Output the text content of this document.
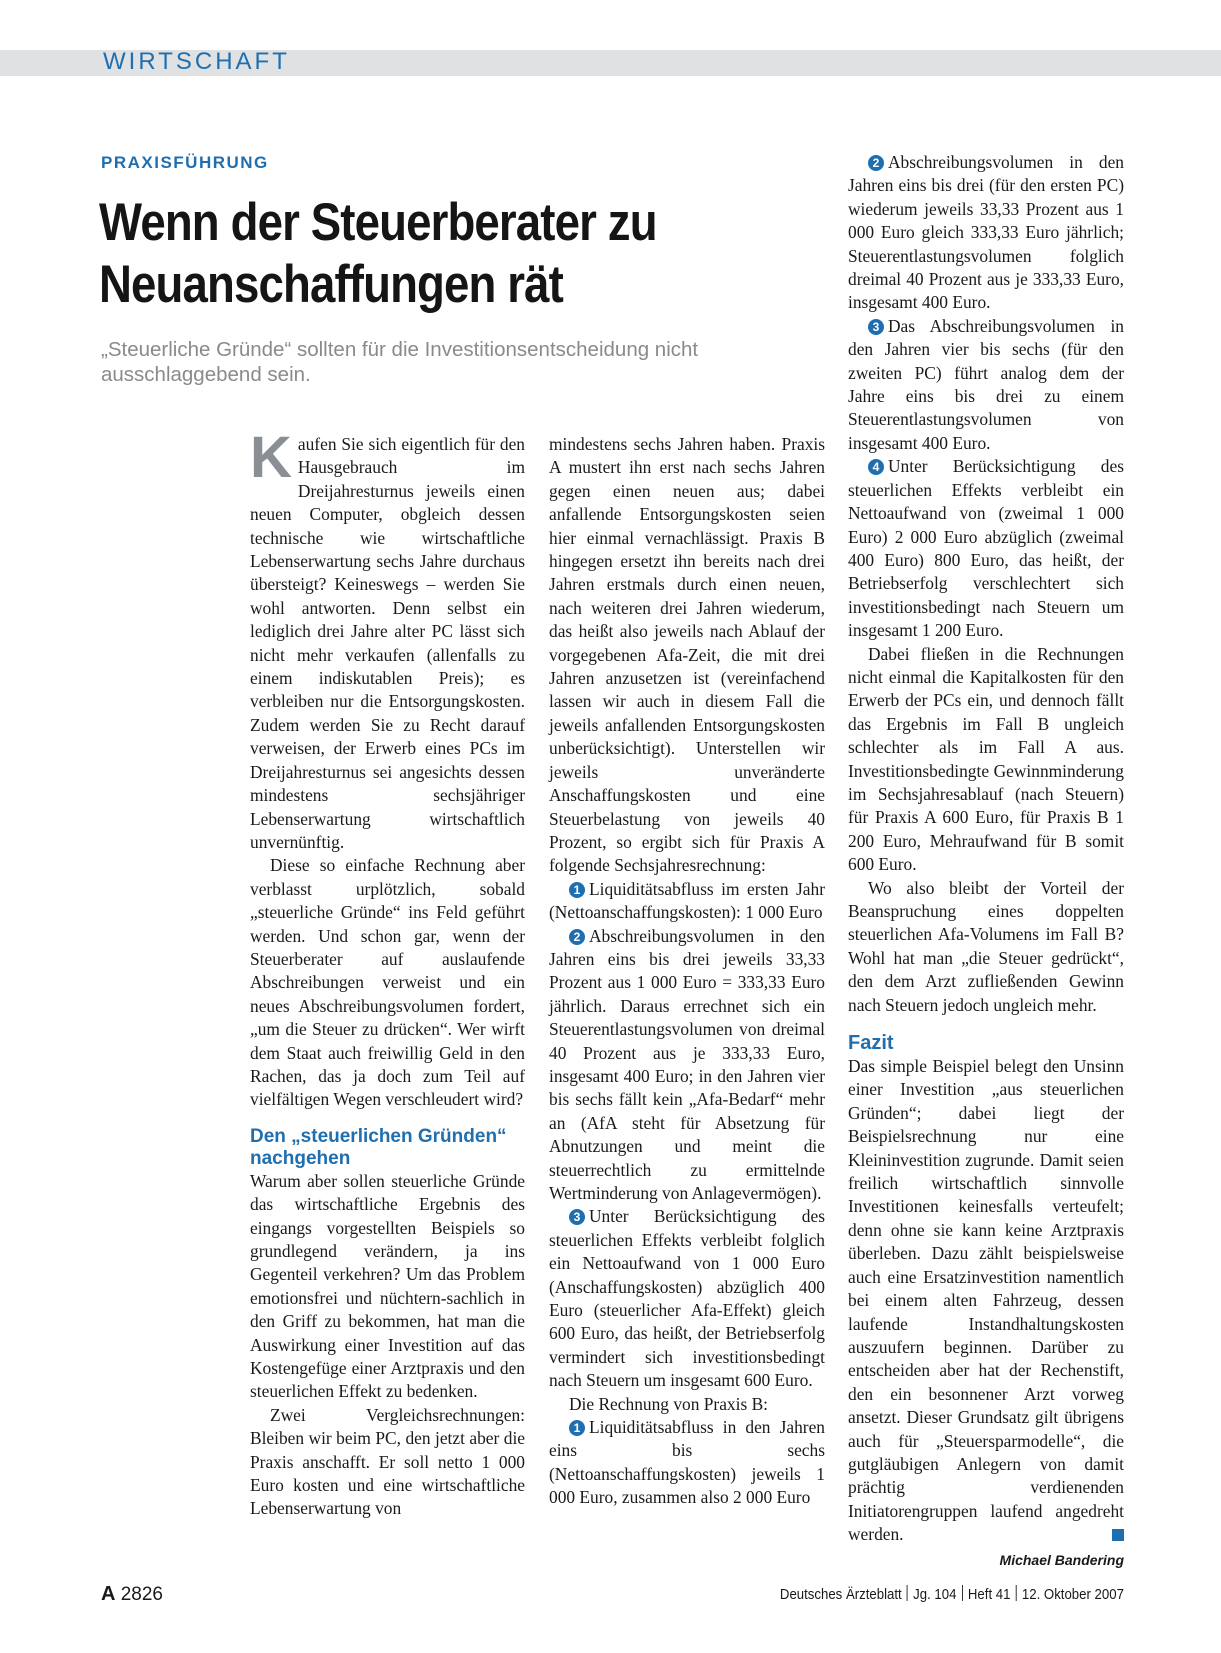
WIRTSCHAFT
PRAXISFÜHRUNG
Wenn der Steuerberater zu
Neuanschaffungen rät
„Steuerliche Gründe“ sollten für die Investitionsentscheidung nicht ausschlaggebend sein.

Kaufen Sie sich eigentlich für den Hausgebrauch im Dreijahresturnus jeweils einen neuen Computer, obgleich dessen technische wie wirtschaftliche Lebenserwartung sechs Jahre durchaus übersteigt? Keineswegs – werden Sie wohl antworten. Denn selbst ein lediglich drei Jahre alter PC lässt sich nicht mehr verkaufen (allenfalls zu einem indiskutablen Preis); es verbleiben nur die Entsorgungskosten. Zudem werden Sie zu Recht darauf verweisen, der Erwerb eines PCs im Dreijahresturnus sei angesichts dessen mindestens sechsjähriger Lebenserwartung wirtschaftlich unvernünftig.

Diese so einfache Rechnung aber verblasst urplötzlich, sobald „steuerliche Gründe“ ins Feld geführt werden. Und schon gar, wenn der Steuerberater auf auslaufende Abschreibungen verweist und ein neues Abschreibungsvolumen fordert, „um die Steuer zu drücken“. Wer wirft dem Staat auch freiwillig Geld in den Rachen, das ja doch zum Teil auf vielfältigen Wegen verschleudert wird?

Den „steuerlichen Gründen“ nachgehen

Warum aber sollen steuerliche Gründe das wirtschaftliche Ergebnis des eingangs vorgestellten Beispiels so grundlegend verändern, ja ins Gegenteil verkehren? Um das Problem emotionsfrei und nüchtern-sachlich in den Griff zu bekommen, hat man die Auswirkung einer Investition auf das Kostengefüge einer Arztpraxis und den steuerlichen Effekt zu bedenken.

Zwei Vergleichsrechnungen: Bleiben wir beim PC, den jetzt aber die Praxis anschafft. Er soll netto 1 000 Euro kosten und eine wirtschaftliche Lebenserwartung von

mindestens sechs Jahren haben. Praxis A mustert ihn erst nach sechs Jahren gegen einen neuen aus; dabei anfallende Entsorgungskosten seien hier einmal vernachlässigt. Praxis B hingegen ersetzt ihn bereits nach drei Jahren erstmals durch einen neuen, nach weiteren drei Jahren wiederum, das heißt also jeweils nach Ablauf der vorgegebenen Afa-Zeit, die mit drei Jahren anzusetzen ist (vereinfachend lassen wir auch in diesem Fall die jeweils anfallenden Entsorgungskosten unberücksichtigt). Unterstellen wir jeweils unveränderte Anschaffungskosten und eine Steuerbelastung von jeweils 40 Prozent, so ergibt sich für Praxis A folgende Sechsjahresrechnung:

1 Liquiditätsabfluss im ersten Jahr (Nettoanschaffungskosten): 1 000 Euro

2 Abschreibungsvolumen in den Jahren eins bis drei jeweils 33,33 Prozent aus 1 000 Euro = 333,33 Euro jährlich. Daraus errechnet sich ein Steuerentlastungsvolumen von dreimal 40 Prozent aus je 333,33 Euro, insgesamt 400 Euro; in den Jahren vier bis sechs fällt kein „Afa-Bedarf“ mehr an (AfA steht für Absetzung für Abnutzungen und meint die steuerrechtlich zu ermittelnde Wertminderung von Anlagevermögen).

3 Unter Berücksichtigung des steuerlichen Effekts verbleibt folglich ein Nettoaufwand von 1 000 Euro (Anschaffungskosten) abzüglich 400 Euro (steuerlicher Afa-Effekt) gleich 600 Euro, das heißt, der Betriebserfolg vermindert sich investitionsbedingt nach Steuern um insgesamt 600 Euro.

Die Rechnung von Praxis B:

1 Liquiditätsabfluss in den Jahren eins bis sechs (Nettoanschaffungskosten) jeweils 1 000 Euro, zusammen also 2 000 Euro

2 Abschreibungsvolumen in den Jahren eins bis drei (für den ersten PC) wiederum jeweils 33,33 Prozent aus 1 000 Euro gleich 333,33 Euro jährlich; Steuerentlastungsvolumen folglich dreimal 40 Prozent aus je 333,33 Euro, insgesamt 400 Euro.

3 Das Abschreibungsvolumen in den Jahren vier bis sechs (für den zweiten PC) führt analog dem der Jahre eins bis drei zu einem Steuerentlastungsvolumen von insgesamt 400 Euro.

4 Unter Berücksichtigung des steuerlichen Effekts verbleibt ein Nettoaufwand von (zweimal 1 000 Euro) 2 000 Euro abzüglich (zweimal 400 Euro) 800 Euro, das heißt, der Betriebserfolg verschlechtert sich investitionsbedingt nach Steuern um insgesamt 1 200 Euro.

Dabei fließen in die Rechnungen nicht einmal die Kapitalkosten für den Erwerb der PCs ein, und dennoch fällt das Ergebnis im Fall B ungleich schlechter als im Fall A aus. Investitionsbedingte Gewinnminderung im Sechsjahresablauf (nach Steuern) für Praxis A 600 Euro, für Praxis B 1 200 Euro, Mehraufwand für B somit 600 Euro.

Wo also bleibt der Vorteil der Beanspruchung eines doppelten steuerlichen Afa-Volumens im Fall B? Wohl hat man „die Steuer gedrückt“, den dem Arzt zufließenden Gewinn nach Steuern jedoch ungleich mehr.

Fazit

Das simple Beispiel belegt den Unsinn einer Investition „aus steuerlichen Gründen“; dabei liegt der Beispielsrechnung nur eine Kleininvestition zugrunde. Damit seien freilich wirtschaftlich sinnvolle Investitionen keinesfalls verteufelt; denn ohne sie kann keine Arztpraxis überleben. Dazu zählt beispielsweise auch eine Ersatzinvestition namentlich bei einem alten Fahrzeug, dessen laufende Instandhaltungskosten auszuufern beginnen. Darüber zu entscheiden aber hat der Rechenstift, den ein besonnener Arzt vorweg ansetzt. Dieser Grundsatz gilt übrigens auch für „Steuersparmodelle“, die gutgläubigen Anlegern von damit prächtig verdienenden Initiatorengruppen laufend angedreht werden.

Michael Bandering
A 2826	Deutsches Ärzteblatt Jg. 104 Heft 41 12. Oktober 2007
